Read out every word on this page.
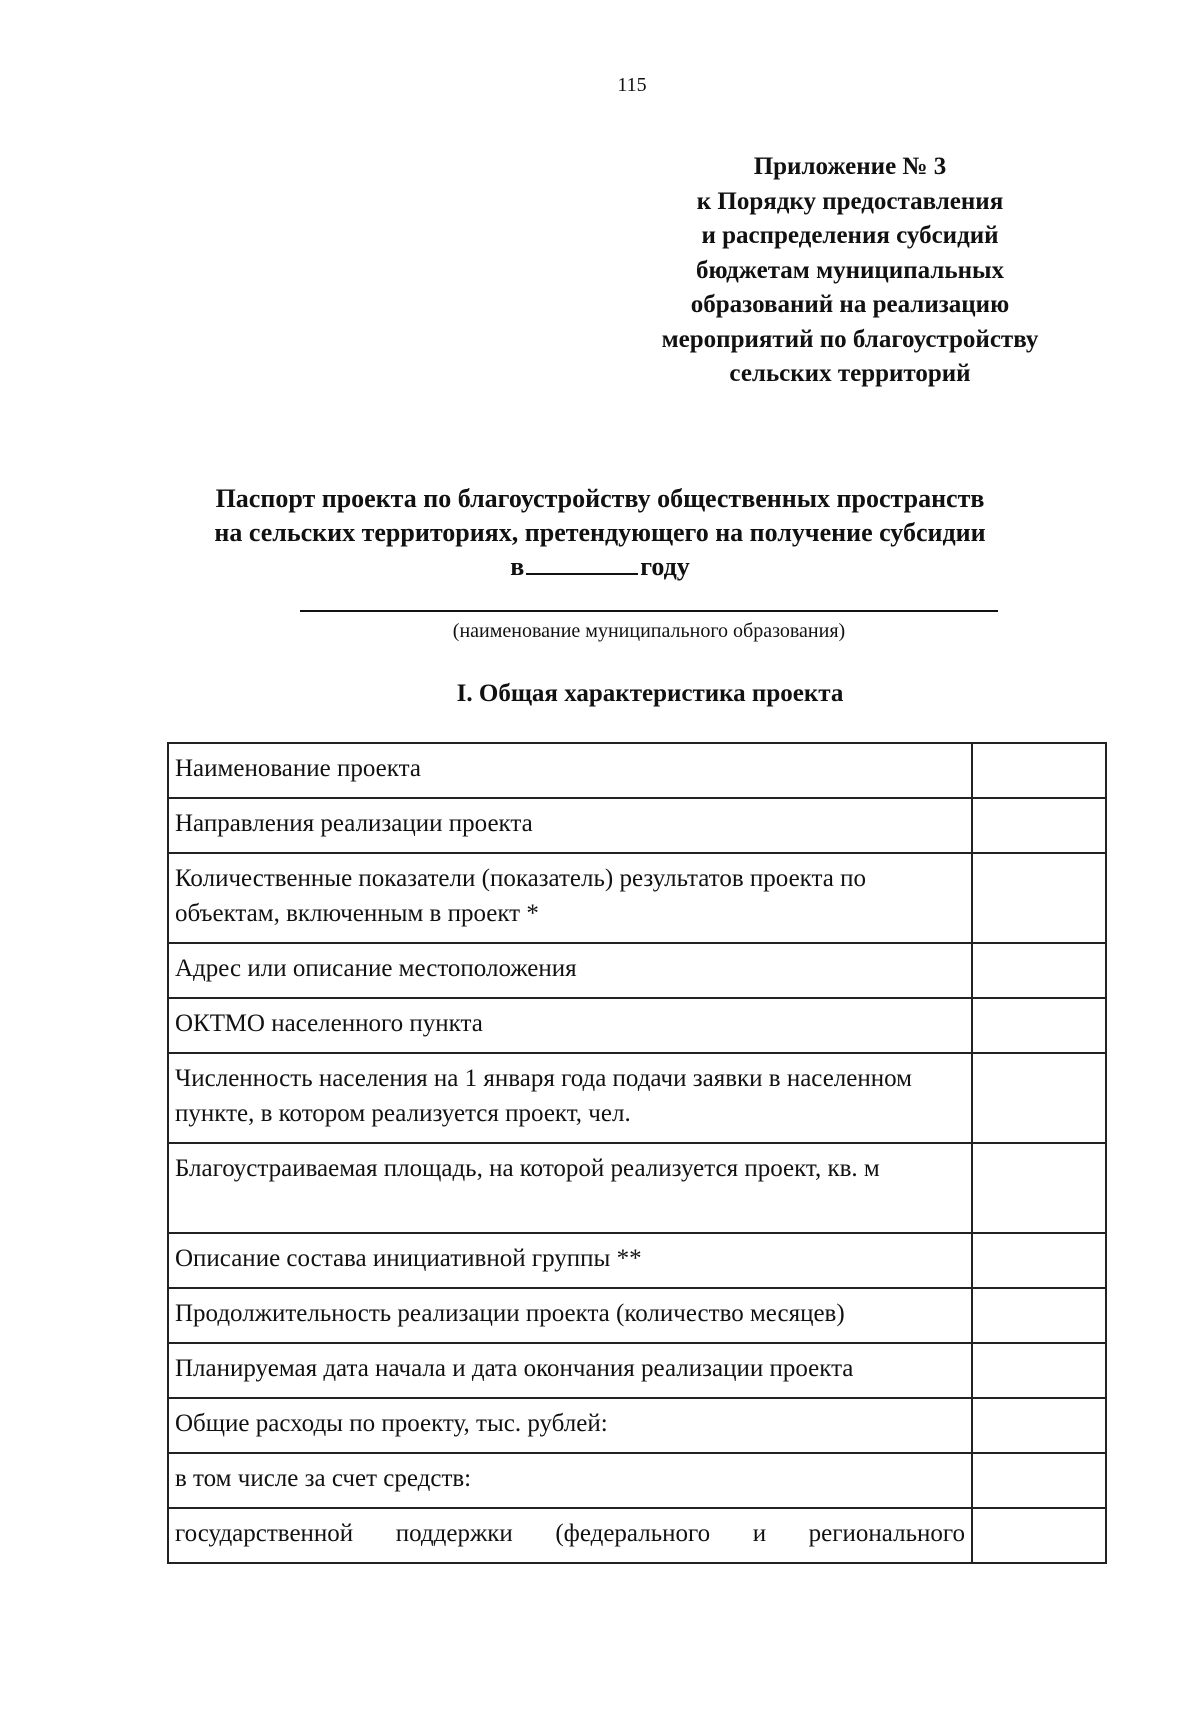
115
Приложение № 3
к Порядку предоставления
и распределения субсидий
бюджетам муниципальных
образований на реализацию
мероприятий по благоустройству
сельских территорий
Паспорт проекта по благоустройству общественных пространств
на сельских территориях, претендующего на получение субсидии
в	году
(наименование муниципального образования)
I. Общая характеристика проекта
Наименование проекта	
Направления реализации проекта	
Количественные показатели (показатель) результатов проекта по объектам, включенным в проект *	
Адрес или описание местоположения	
ОКТМО населенного пункта	
Численность населения на 1 января года подачи заявки в населенном пункте, в котором реализуется проект, чел.	
Благоустраиваемая площадь, на которой реализуется проект, кв. м	
Описание состава инициативной группы **	
Продолжительность реализации проекта (количество месяцев)	
Планируемая дата начала и дата окончания реализации проекта	
Общие расходы по проекту, тыс. рублей:	
в том числе за счет средств:	
государственной поддержки (федерального и регионального	
